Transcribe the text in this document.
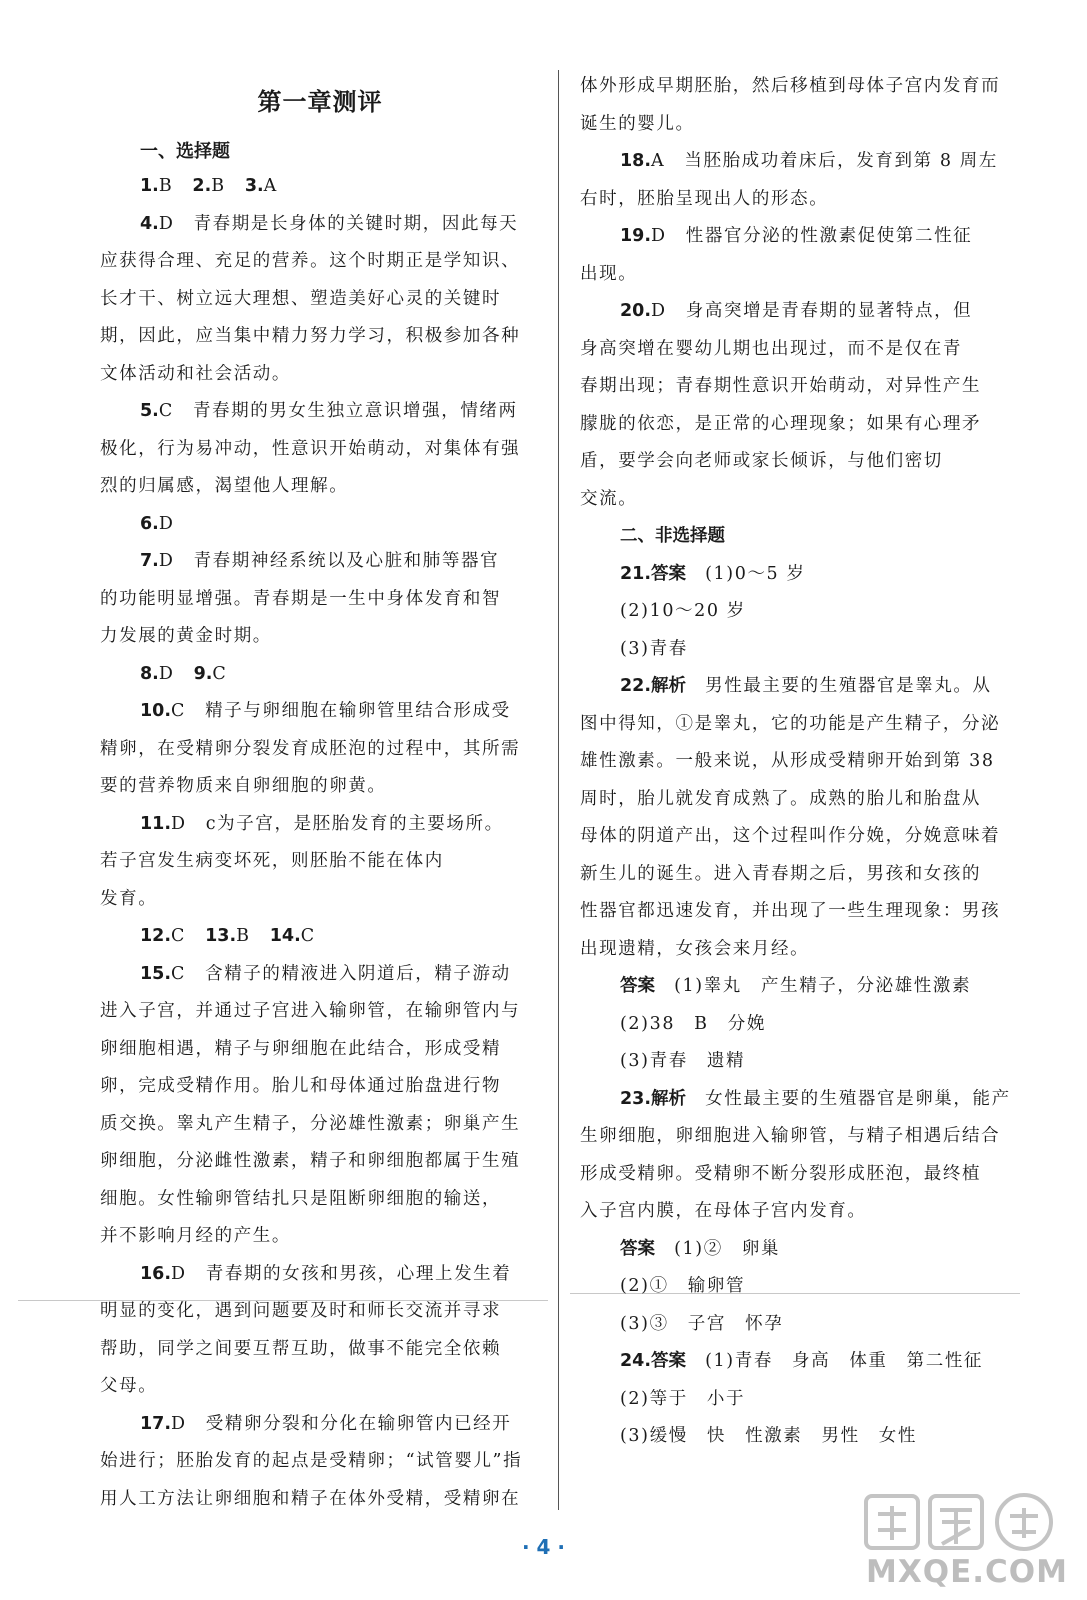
第一章测评
一、选择题
1.B　 2.B　 3.A
4.D　 青春期是长身体的关键时期，因此每天
应获得合理、充足的营养。这个时期正是学知识、
长才干、树立远大理想、塑造美好心灵的关键时
期，因此，应当集中精力努力学习，积极参加各种
文体活动和社会活动。
5.C　 青春期的男女生独立意识增强，情绪两
极化，行为易冲动，性意识开始萌动，对集体有强
烈的归属感，渴望他人理解。
6.D
7.D　 青春期神经系统以及心脏和肺等器官
的功能明显增强。青春期是一生中身体发育和智
力发展的黄金时期。
8.D　 9.C
10.C　 精子与卵细胞在输卵管里结合形成受
精卵，在受精卵分裂发育成胚泡的过程中，其所需
要的营养物质来自卵细胞的卵黄。
11.D　 c为子宫，是胚胎发育的主要场所。
若子宫发生病变坏死，则胚胎不能在体内
发育。
12.C　 13.B　 14.C
15.C　 含精子的精液进入阴道后，精子游动
进入子宫，并通过子宫进入输卵管，在输卵管内与
卵细胞相遇，精子与卵细胞在此结合，形成受精
卵，完成受精作用。胎儿和母体通过胎盘进行物
质交换。睾丸产生精子，分泌雄性激素；卵巢产生
卵细胞，分泌雌性激素，精子和卵细胞都属于生殖
细胞。女性输卵管结扎只是阻断卵细胞的输送，
并不影响月经的产生。
16.D　 青春期的女孩和男孩，心理上发生着
明显的变化，遇到问题要及时和师长交流并寻求
帮助，同学之间要互帮互助，做事不能完全依赖
父母。
17.D　 受精卵分裂和分化在输卵管内已经开
始进行；胚胎发育的起点是受精卵；“试管婴儿”指
用人工方法让卵细胞和精子在体外受精，受精卵在
体外形成早期胚胎，然后移植到母体子宫内发育而
诞生的婴儿。
18.A　 当胚胎成功着床后，发育到第 8 周左
右时，胚胎呈现出人的形态。
19.D　 性器官分泌的性激素促使第二性征
出现。
20.D　 身高突增是青春期的显著特点，但
身高突增在婴幼儿期也出现过，而不是仅在青
春期出现；青春期性意识开始萌动，对异性产生
朦胧的依恋，是正常的心理现象；如果有心理矛
盾，要学会向老师或家长倾诉，与他们密切
交流。
二、非选择题
21.答案　 (1)0～5 岁
(2)10～20 岁
(3)青春
22.解析　 男性最主要的生殖器官是睾丸。从
图中得知，①是睾丸，它的功能是产生精子，分泌
雄性激素。一般来说，从形成受精卵开始到第 38
周时，胎儿就发育成熟了。成熟的胎儿和胎盘从
母体的阴道产出，这个过程叫作分娩，分娩意味着
新生儿的诞生。进入青春期之后，男孩和女孩的
性器官都迅速发育，并出现了一些生理现象：男孩
出现遗精，女孩会来月经。
答案　 (1)睾丸　产生精子，分泌雄性激素
(2)38　B　分娩
(3)青春　遗精
23.解析　 女性最主要的生殖器官是卵巢，能产
生卵细胞，卵细胞进入输卵管，与精子相遇后结合
形成受精卵。受精卵不断分裂形成胚泡，最终植
入子宫内膜，在母体子宫内发育。
答案　 (1)②　卵巢
(2)①　输卵管
(3)③　子宫　怀孕
24.答案　 (1)青春　身高　体重　第二性征
(2)等于　小于
(3)缓慢　快　性激素　男性　女性
· 4 ·
MXQE.COM
